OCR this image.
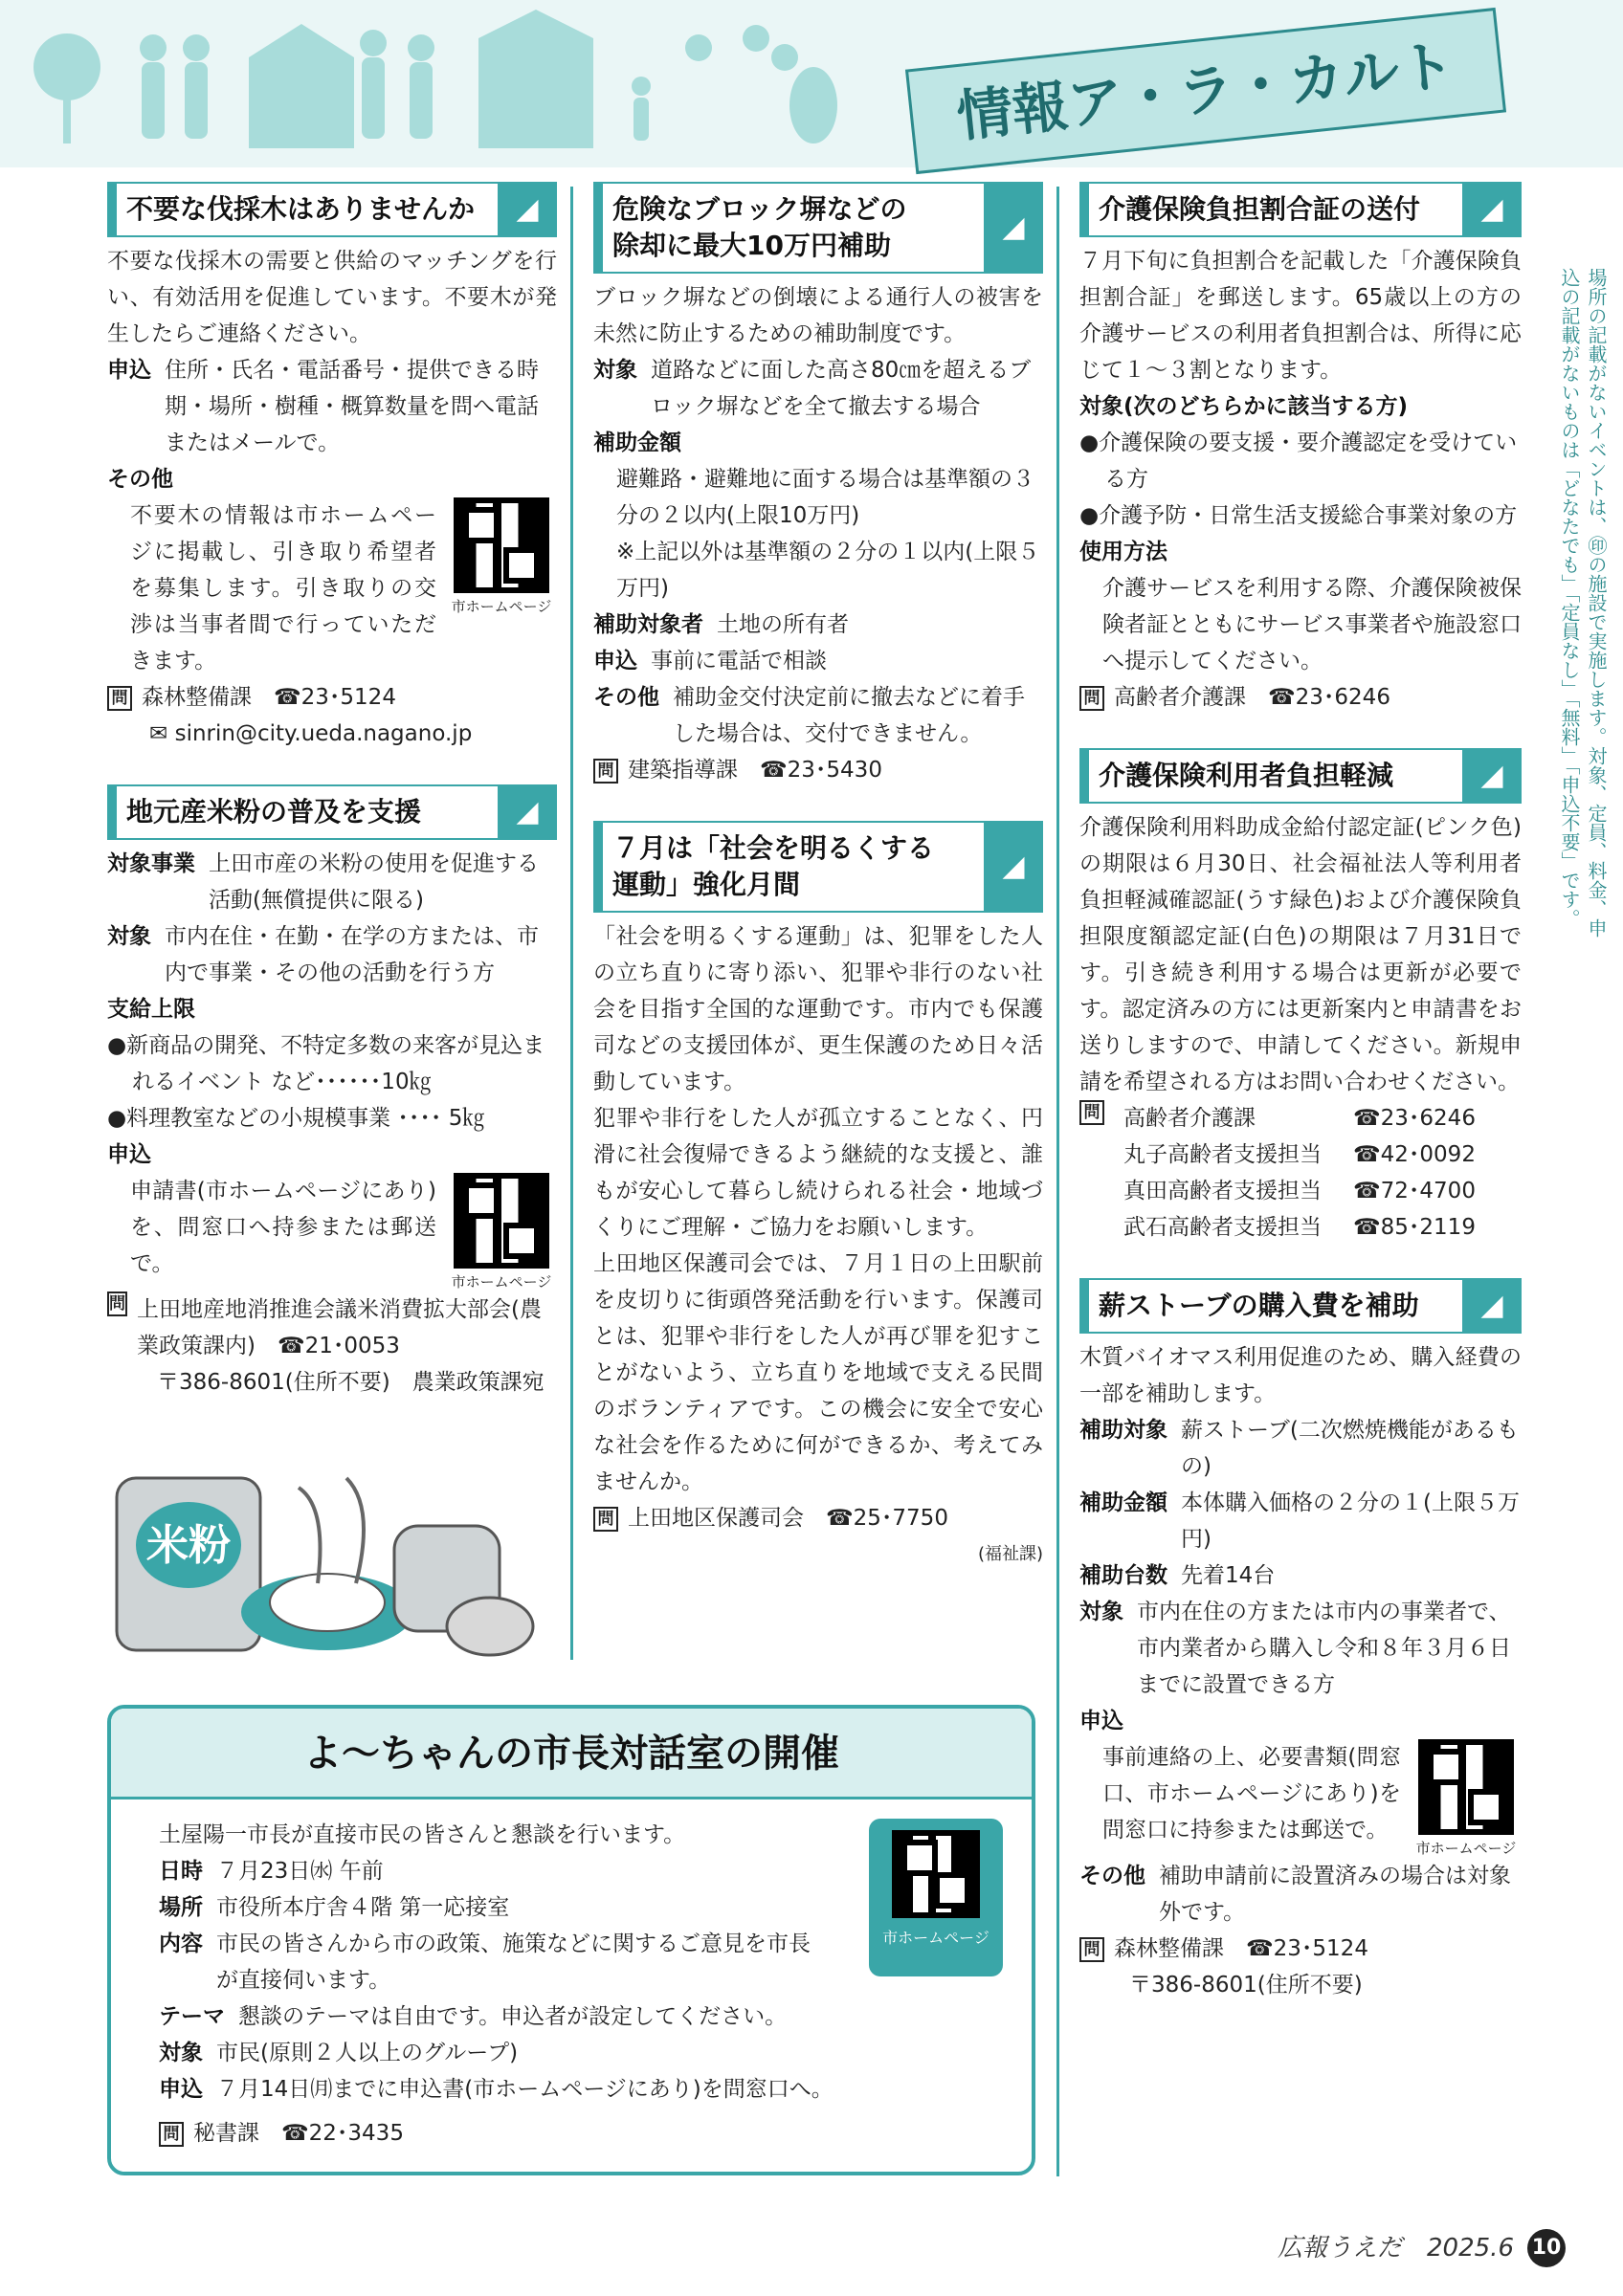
情報ア・ラ・カルト
場所の記載がないイベントは、㊞の施設で実施します。対象、定員、料金、申込の記載がないものは「どなたでも」「定員なし」「無料」「申込不要」です。
不要な伐採木はありませんか	◢

不要な伐採木の需要と供給のマッチングを行い、有効活用を促進しています。不要木が発生したらご連絡ください。

申込 住所・氏名・電話番号・提供できる時期・場所・樹種・概算数量を問へ電話またはメールで。
その他
市ホームページ

不要木の情報は市ホームページに掲載し、引き取り希望者を募集します。引き取りの交渉は当事者間で行っていただきます。

問 森林整備課　☎23･5124
✉ sinrin@city.ueda.nagano.jp
地元産米粉の普及を支援	◢
対象事業 上田市産の米粉の使用を促進する活動(無償提供に限る)
対象 市内在住・在勤・在学の方または、市内で事業・その他の活動を行う方
支給上限
●新商品の開発、不特定多数の来客が見込まれるイベント など･･････10㎏
●料理教室などの小規模事業 ････ 5㎏
申込
市ホームページ

申請書(市ホームページにあり)を、問窓口へ持参または郵送で。

問 上田地産地消推進会議米消費拡大部会(農業政策課内)　☎21･0053
〒386-8601(住所不要)　農業政策課宛
米粉
危険なブロック塀などの
除却に最大10万円補助
◢

ブロック塀などの倒壊による通行人の被害を未然に防止するための補助制度です。

対象 道路などに面した高さ80㎝を超えるブロック塀などを全て撤去する場合
補助金額

避難路・避難地に面する場合は基準額の３分の２以内(上限10万円)

※上記以外は基準額の２分の１以内(上限５万円)

補助対象者 土地の所有者
申込 事前に電話で相談
その他 補助金交付決定前に撤去などに着手した場合は、交付できません。
問 建築指導課　☎23･5430
７月は「社会を明るくする
運動」強化月間
◢

「社会を明るくする運動」は、犯罪をした人の立ち直りに寄り添い、犯罪や非行のない社会を目指す全国的な運動です。市内でも保護司などの支援団体が、更生保護のため日々活動しています。

犯罪や非行をした人が孤立することなく、円滑に社会復帰できるよう継続的な支援と、誰もが安心して暮らし続けられる社会・地域づくりにご理解・ご協力をお願いします。

上田地区保護司会では、７月１日の上田駅前を皮切りに街頭啓発活動を行います。保護司とは、犯罪や非行をした人が再び罪を犯すことがないよう、立ち直りを地域で支える民間のボランティアです。この機会に安全で安心な社会を作るために何ができるか、考えてみませんか。

問 上田地区保護司会　☎25･7750
(福祉課)
介護保険負担割合証の送付	◢

７月下旬に負担割合を記載した「介護保険負担割合証」を郵送します。65歳以上の方の介護サービスの利用者負担割合は、所得に応じて１～３割となります。

対象(次のどちらかに該当する方)
●介護保険の要支援・要介護認定を受けている方
●介護予防・日常生活支援総合事業対象の方
使用方法

介護サービスを利用する際、介護保険被保険者証とともにサービス事業者や施設窓口へ提示してください。

問 高齢者介護課　☎23･6246
介護保険利用者負担軽減	◢

介護保険利用料助成金給付認定証(ピンク色)の期限は６月30日、社会福祉法人等利用者負担軽減確認証(うす緑色)および介護保険負担限度額認定証(白色)の期限は７月31日です。引き続き利用する場合は更新が必要です。認定済みの方には更新案内と申請書をお送りしますので、申請してください。新規申請を希望される方はお問い合わせください。

問 高齢者介護課	☎23･6246
丸子高齢者支援担当	☎42･0092
真田高齢者支援担当	☎72･4700
武石高齢者支援担当	☎85･2119
薪ストーブの購入費を補助	◢

木質バイオマス利用促進のため、購入経費の一部を補助します。

補助対象 薪ストーブ(二次燃焼機能があるもの)
補助金額 本体購入価格の２分の１(上限５万円)
補助台数 先着14台
対象 市内在住の方または市内の事業者で、市内業者から購入し令和８年３月６日までに設置できる方
申込
市ホームページ

事前連絡の上、必要書類(問窓口、市ホームページにあり)を問窓口に持参または郵送で。

その他 補助申請前に設置済みの場合は対象外です。
問 森林整備課　☎23･5124
〒386-8601(住所不要)
よ～ちゃんの市長対話室の開催
市ホームページ

土屋陽一市長が直接市民の皆さんと懇談を行います。

日時 ７月23日㈬ 午前
場所 市役所本庁舎４階 第一応接室
内容 市民の皆さんから市の政策、施策などに関するご意見を市長が直接伺います。
テーマ 懇談のテーマは自由です。申込者が設定してください。
対象 市民(原則２人以上のグループ)
申込 ７月14日㈪までに申込書(市ホームページにあり)を問窓口へ。
問 秘書課　☎22･3435
広報うえだ　2025.6 10
